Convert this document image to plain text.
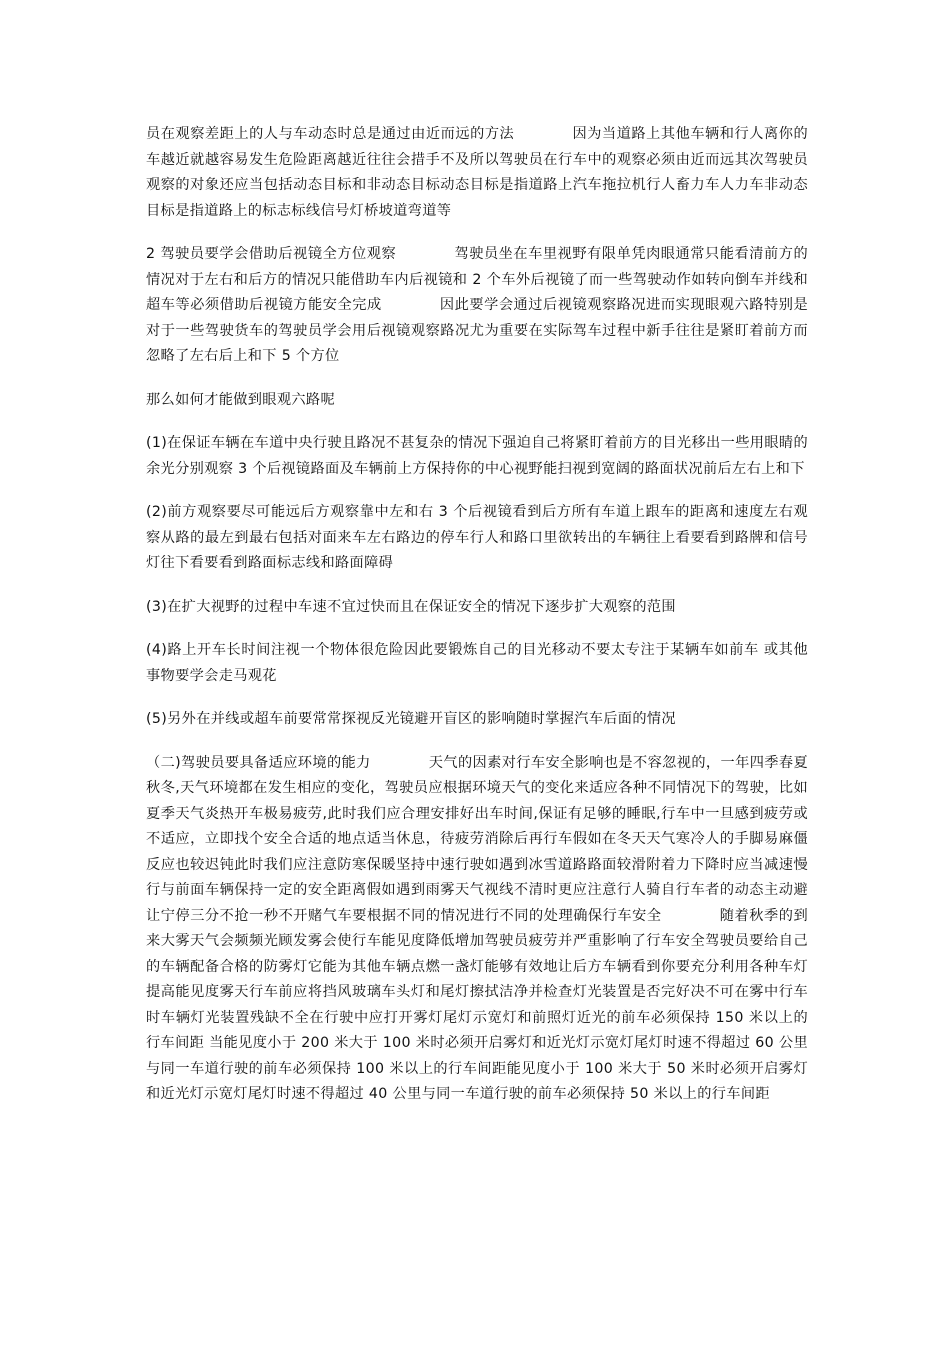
员在观察差距上的人与车动态时总是通过由近而远的方法	因为当道路上其他车辆和行人离你的车越近就越容易发生危险距离越近往往会措手不及所以驾驶员在行车中的观察必须由近而远其次驾驶员观察的对象还应当包括动态目标和非动态目标动态目标是指道路上汽车拖拉机行人畜力车人力车非动态目标是指道路上的标志标线信号灯桥坡道弯道等

2 驾驶员要学会借助后视镜全方位观察	驾驶员坐在车里视野有限单凭肉眼通常只能看清前方的情况对于左右和后方的情况只能借助车内后视镜和 2 个车外后视镜了而一些驾驶动作如转向倒车并线和超车等必须借助后视镜方能安全完成	因此要学会通过后视镜观察路况进而实现眼观六路特别是对于一些驾驶货车的驾驶员学会用后视镜观察路况尤为重要在实际驾车过程中新手往往是紧盯着前方而忽略了左右后上和下 5 个方位

那么如何才能做到眼观六路呢

(1)在保证车辆在车道中央行驶且路况不甚复杂的情况下强迫自己将紧盯着前方的目光移出一些用眼睛的余光分别观察 3 个后视镜路面及车辆前上方保持你的中心视野能扫视到宽阔的路面状况前后左右上和下

(2)前方观察要尽可能远后方观察靠中左和右 3 个后视镜看到后方所有车道上跟车的距离和速度左右观察从路的最左到最右包括对面来车左右路边的停车行人和路口里欲转出的车辆往上看要看到路牌和信号灯往下看要看到路面标志线和路面障碍

(3)在扩大视野的过程中车速不宜过快而且在保证安全的情况下逐步扩大观察的范围

(4)路上开车长时间注视一个物体很危险因此要锻炼自己的目光移动不要太专注于某辆车如前车 或其他事物要学会走马观花

(5)另外在并线或超车前要常常探视反光镜避开盲区的影响随时掌握汽车后面的情况

（二)驾驶员要具备适应环境的能力	天气的因素对行车安全影响也是不容忽视的，一年四季春夏秋冬,天气环境都在发生相应的变化，驾驶员应根据环境天气的变化来适应各种不同情况下的驾驶，比如夏季天气炎热开车极易疲劳,此时我们应合理安排好出车时间,保证有足够的睡眠,行车中一旦感到疲劳或不适应，立即找个安全合适的地点适当休息，待疲劳消除后再行车假如在冬天天气寒冷人的手脚易麻僵反应也较迟钝此时我们应注意防寒保暖坚持中速行驶如遇到冰雪道路路面较滑附着力下降时应当减速慢行与前面车辆保持一定的安全距离假如遇到雨雾天气视线不清时更应注意行人骑自行车者的动态主动避让宁停三分不抢一秒不开赌气车要根据不同的情况进行不同的处理确保行车安全	随着秋季的到来大雾天气会频频光顾发雾会使行车能见度降低增加驾驶员疲劳并严重影响了行车安全驾驶员要给自己的车辆配备合格的防雾灯它能为其他车辆点燃一盏灯能够有效地让后方车辆看到你要充分利用各种车灯提高能见度雾天行车前应将挡风玻璃车头灯和尾灯擦拭洁净并检查灯光装置是否完好决不可在雾中行车时车辆灯光装置残缺不全在行驶中应打开雾灯尾灯示宽灯和前照灯近光的前车必须保持 150 米以上的行车间距 当能见度小于 200 米大于 100 米时必须开启雾灯和近光灯示宽灯尾灯时速不得超过 60 公里与同一车道行驶的前车必须保持 100 米以上的行车间距能见度小于 100 米大于 50 米时必须开启雾灯和近光灯示宽灯尾灯时速不得超过 40 公里与同一车道行驶的前车必须保持 50 米以上的行车间距
